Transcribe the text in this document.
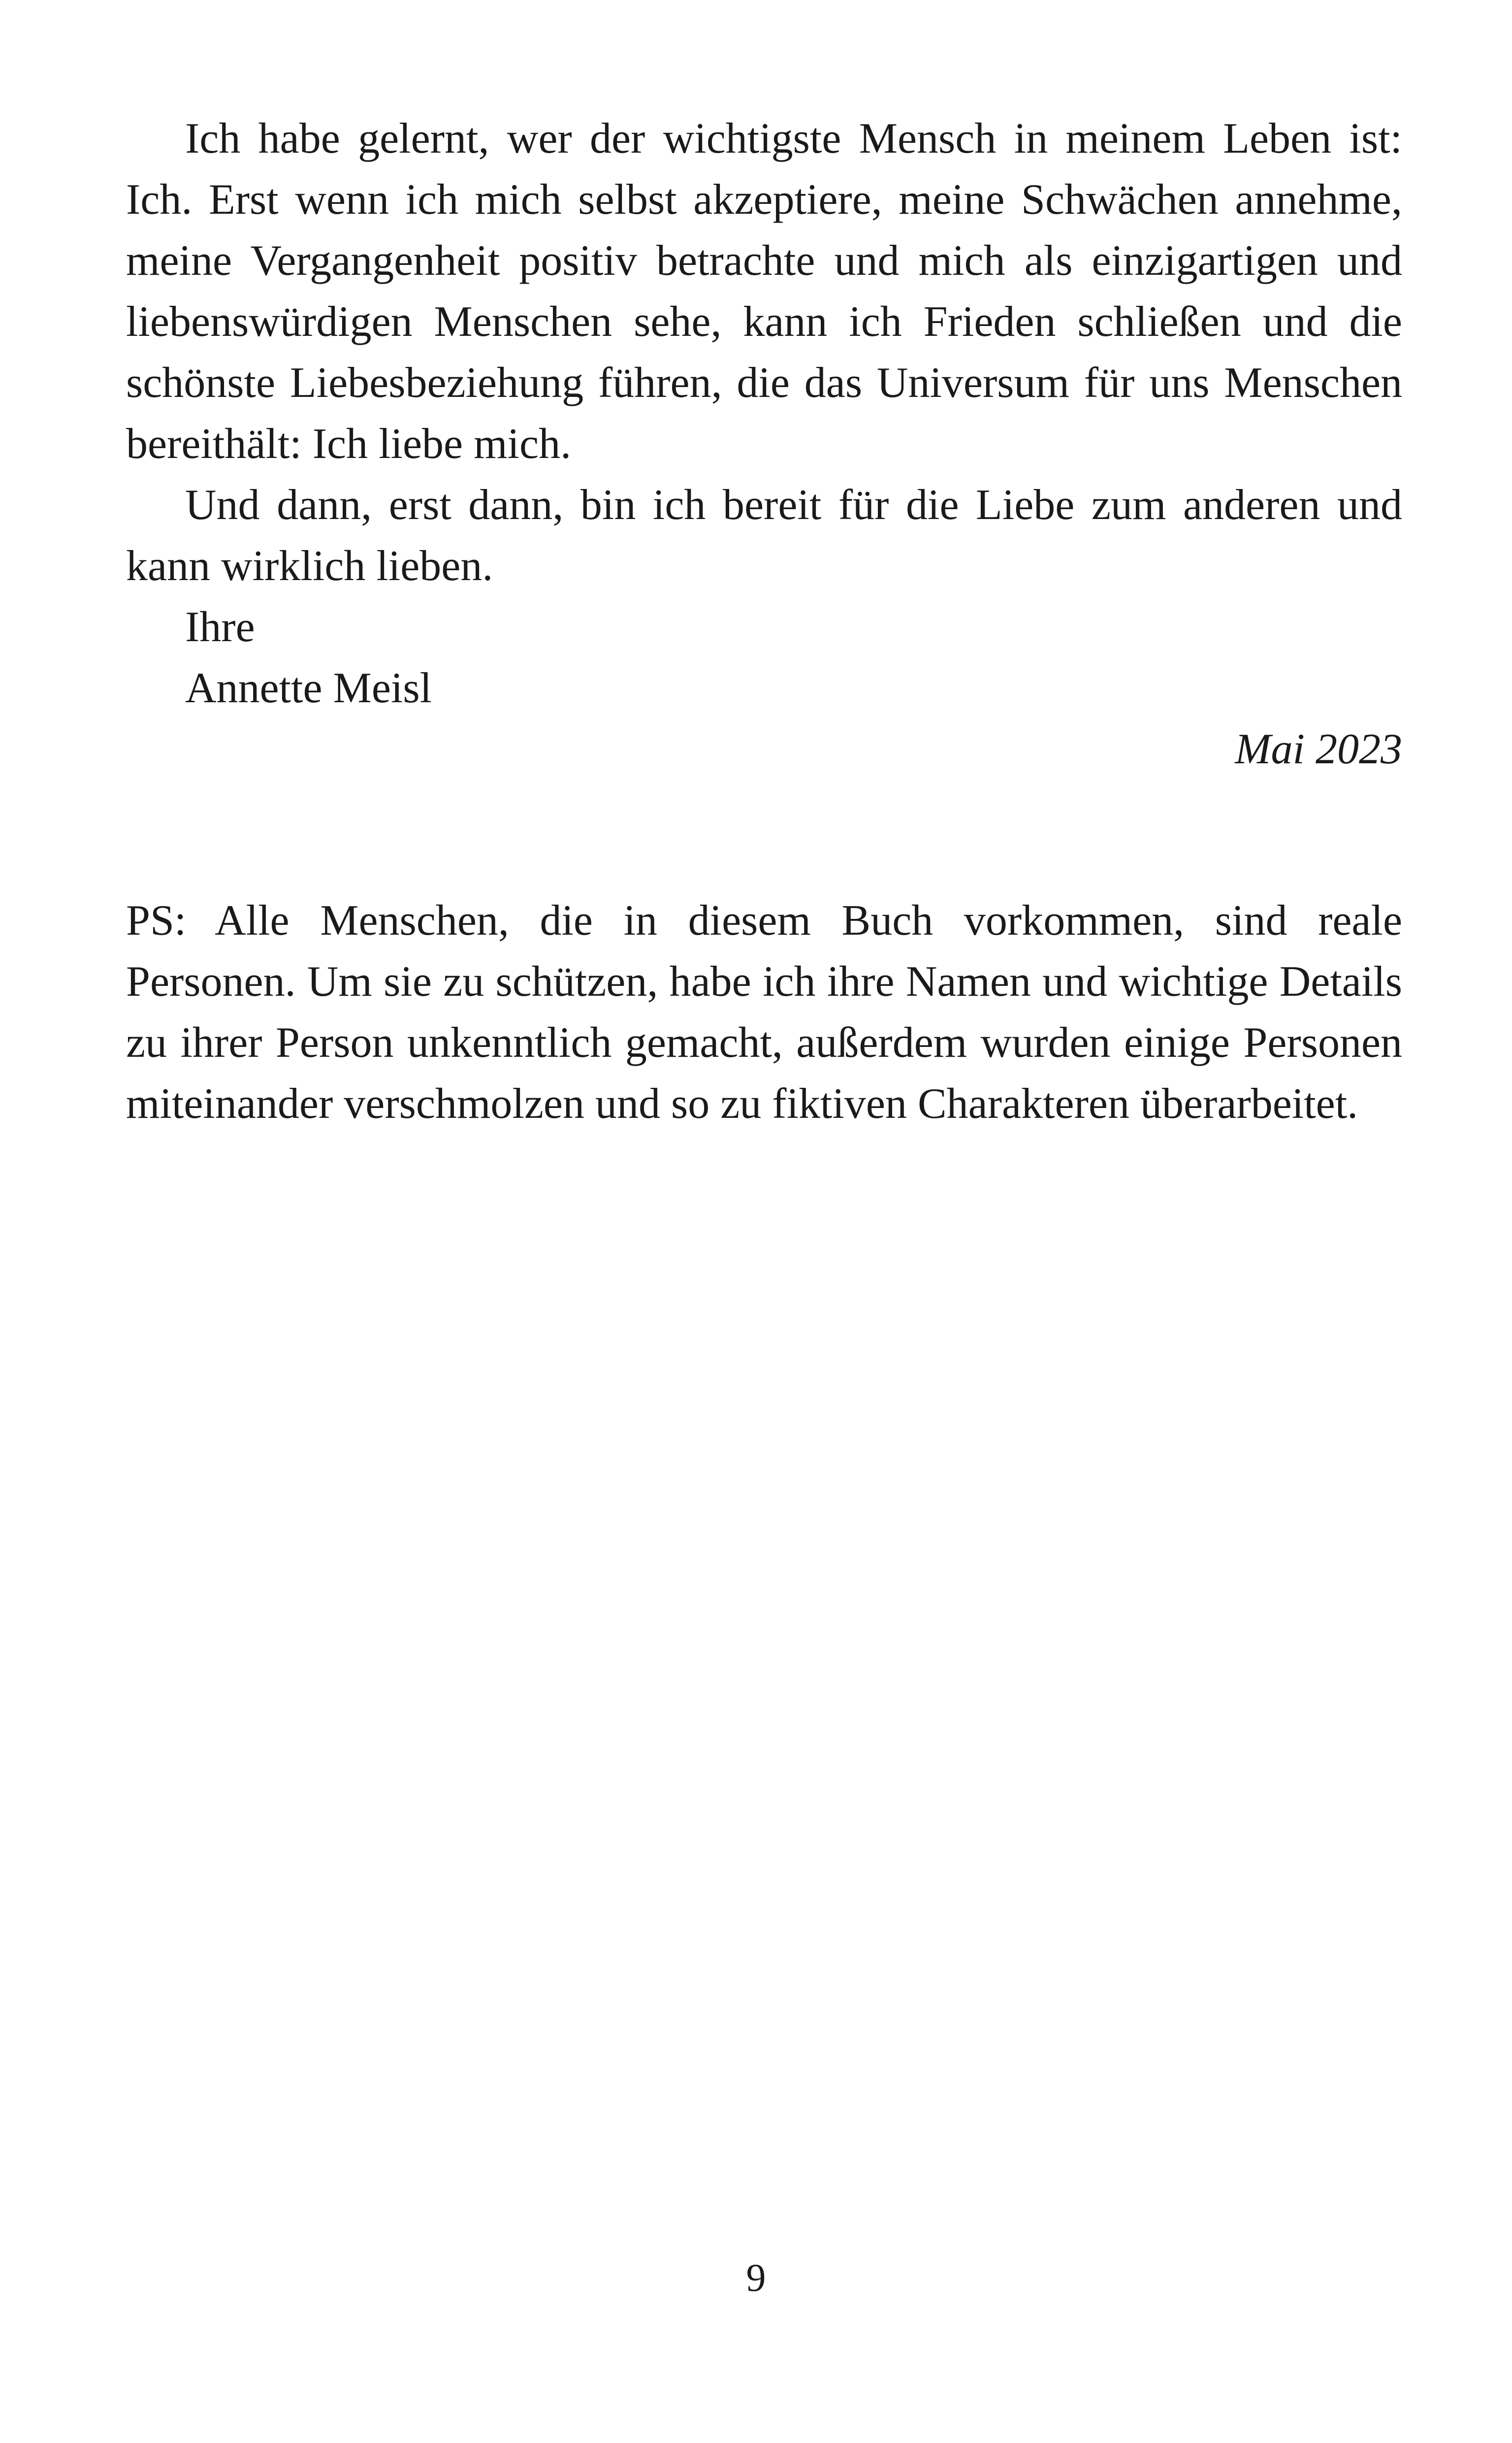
Ich habe gelernt, wer der wichtigste Mensch in meinem Leben ist: Ich. Erst wenn ich mich selbst akzeptiere, meine Schwächen annehme, meine Vergangenheit positiv betrachte und mich als einzigartigen und liebenswürdigen Menschen sehe, kann ich Frieden schließen und die schönste Liebesbeziehung führen, die das Universum für uns Menschen bereithält: Ich liebe mich.

Und dann, erst dann, bin ich bereit für die Liebe zum anderen und kann wirklich lieben.

Ihre

Annette Meisl

Mai 2023

PS: Alle Menschen, die in diesem Buch vorkommen, sind reale Personen. Um sie zu schützen, habe ich ihre Namen und wichtige Details zu ihrer Person unkenntlich gemacht, außerdem wurden einige Personen miteinander verschmolzen und so zu fiktiven Charakteren überarbeitet.

9
